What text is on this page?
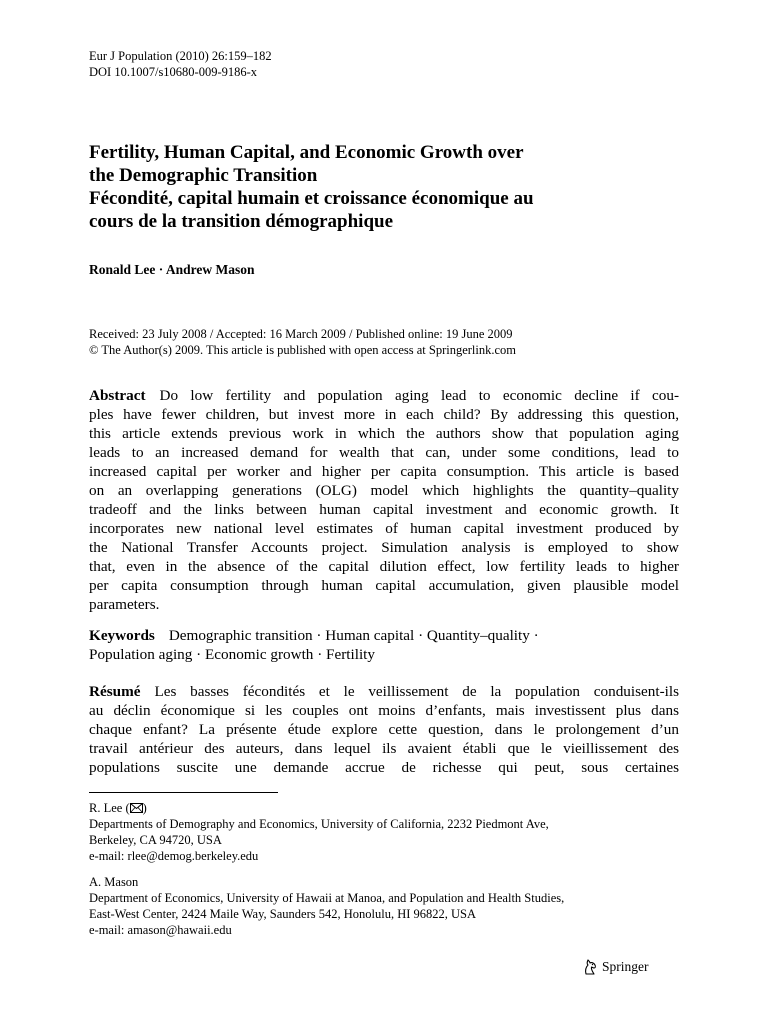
Eur J Population (2010) 26:159–182
DOI 10.1007/s10680-009-9186-x
Fertility, Human Capital, and Economic Growth over
the Demographic Transition
Fécondité, capital humain et croissance économique au
cours de la transition démographique
Ronald Lee · Andrew Mason
Received: 23 July 2008 / Accepted: 16 March 2009 / Published online: 19 June 2009
© The Author(s) 2009. This article is published with open access at Springerlink.com
Abstract Do low fertility and population aging lead to economic decline if cou-
ples have fewer children, but invest more in each child? By addressing this question,
this article extends previous work in which the authors show that population aging
leads to an increased demand for wealth that can, under some conditions, lead to
increased capital per worker and higher per capita consumption. This article is based
on an overlapping generations (OLG) model which highlights the quantity–quality
tradeoff and the links between human capital investment and economic growth. It
incorporates new national level estimates of human capital investment produced by
the National Transfer Accounts project. Simulation analysis is employed to show
that, even in the absence of the capital dilution effect, low fertility leads to higher
per capita consumption through human capital accumulation, given plausible model
parameters.
Keywords Demographic transition · Human capital · Quantity–quality ·
Population aging · Economic growth · Fertility
Résumé Les basses fécondités et le veillissement de la population conduisent-ils
au déclin économique si les couples ont moins d’enfants, mais investissent plus dans
chaque enfant? La présente étude explore cette question, dans le prolongement d’un
travail antérieur des auteurs, dans lequel ils avaient établi que le vieillissement des
populations suscite une demande accrue de richesse qui peut, sous certaines
R. Lee ( )
Departments of Demography and Economics, University of California, 2232 Piedmont Ave,
Berkeley, CA 94720, USA
e-mail: rlee@demog.berkeley.edu
A. Mason
Department of Economics, University of Hawaii at Manoa, and Population and Health Studies,
East-West Center, 2424 Maile Way, Saunders 542, Honolulu, HI 96822, USA
e-mail: amason@hawaii.edu
Springer
